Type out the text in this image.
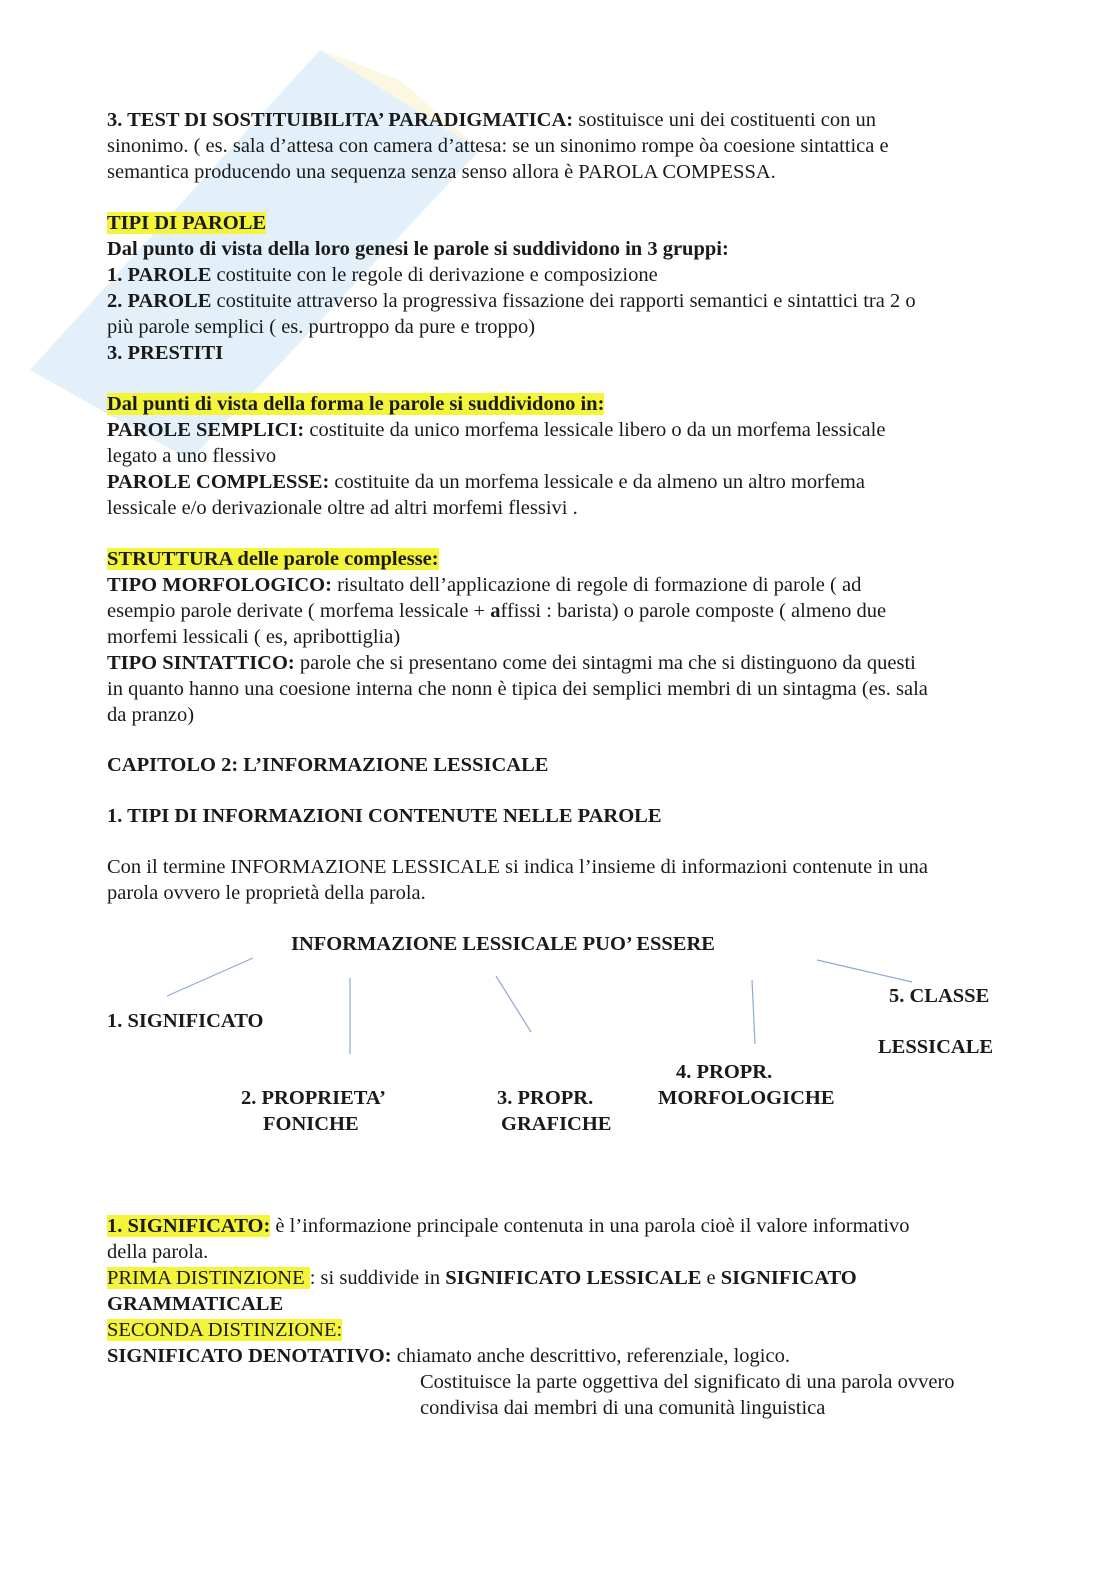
3. TEST DI SOSTITUIBILITA’ PARADIGMATICA: sostituisce uni dei costituenti con un
sinonimo. ( es. sala d’attesa con camera d’attesa: se un sinonimo rompe òa coesione sintattica e
semantica producendo una sequenza senza senso allora è PAROLA COMPESSA.
TIPI DI PAROLE
Dal punto di vista della loro genesi le parole si suddividono in 3 gruppi:
1. PAROLE costituite con le regole di derivazione e composizione
2. PAROLE costituite attraverso la progressiva fissazione dei rapporti semantici e sintattici tra 2 o
più parole semplici ( es. purtroppo da pure e troppo)
3. PRESTITI
Dal punti di vista della forma le parole si suddividono in:
PAROLE SEMPLICI: costituite da unico morfema lessicale libero o da un morfema lessicale
legato a uno flessivo
PAROLE COMPLESSE: costituite da un morfema lessicale e da almeno un altro morfema
lessicale e/o derivazionale oltre ad altri morfemi flessivi .
STRUTTURA delle parole complesse:
TIPO MORFOLOGICO: risultato dell’applicazione di regole di formazione di parole ( ad
esempio parole derivate ( morfema lessicale + affissi : barista) o parole composte ( almeno due
morfemi lessicali ( es, apribottiglia)
TIPO SINTATTICO: parole che si presentano come dei sintagmi ma che si distinguono da questi
in quanto hanno una coesione interna che nonn è tipica dei semplici membri di un sintagma (es. sala
da pranzo)
CAPITOLO 2: L’INFORMAZIONE LESSICALE
1. TIPI DI INFORMAZIONI CONTENUTE NELLE PAROLE
Con il termine INFORMAZIONE LESSICALE si indica l’insieme di informazioni contenute in una
parola ovvero le proprietà della parola.
INFORMAZIONE LESSICALE PUO’ ESSERE
1. SIGNIFICATO
2. PROPRIETA’
FONICHE
3. PROPR.
GRAFICHE
4. PROPR.
MORFOLOGICHE
5. CLASSE
LESSICALE
1. SIGNIFICATO: è l’informazione principale contenuta in una parola cioè il valore informativo
della parola.
PRIMA DISTINZIONE : si suddivide in SIGNIFICATO LESSICALE e SIGNIFICATO
GRAMMATICALE
SECONDA DISTINZIONE:
SIGNIFICATO DENOTATIVO: chiamato anche descrittivo, referenziale, logico.
Costituisce la parte oggettiva del significato di una parola ovvero
condivisa dai membri di una comunità linguistica
